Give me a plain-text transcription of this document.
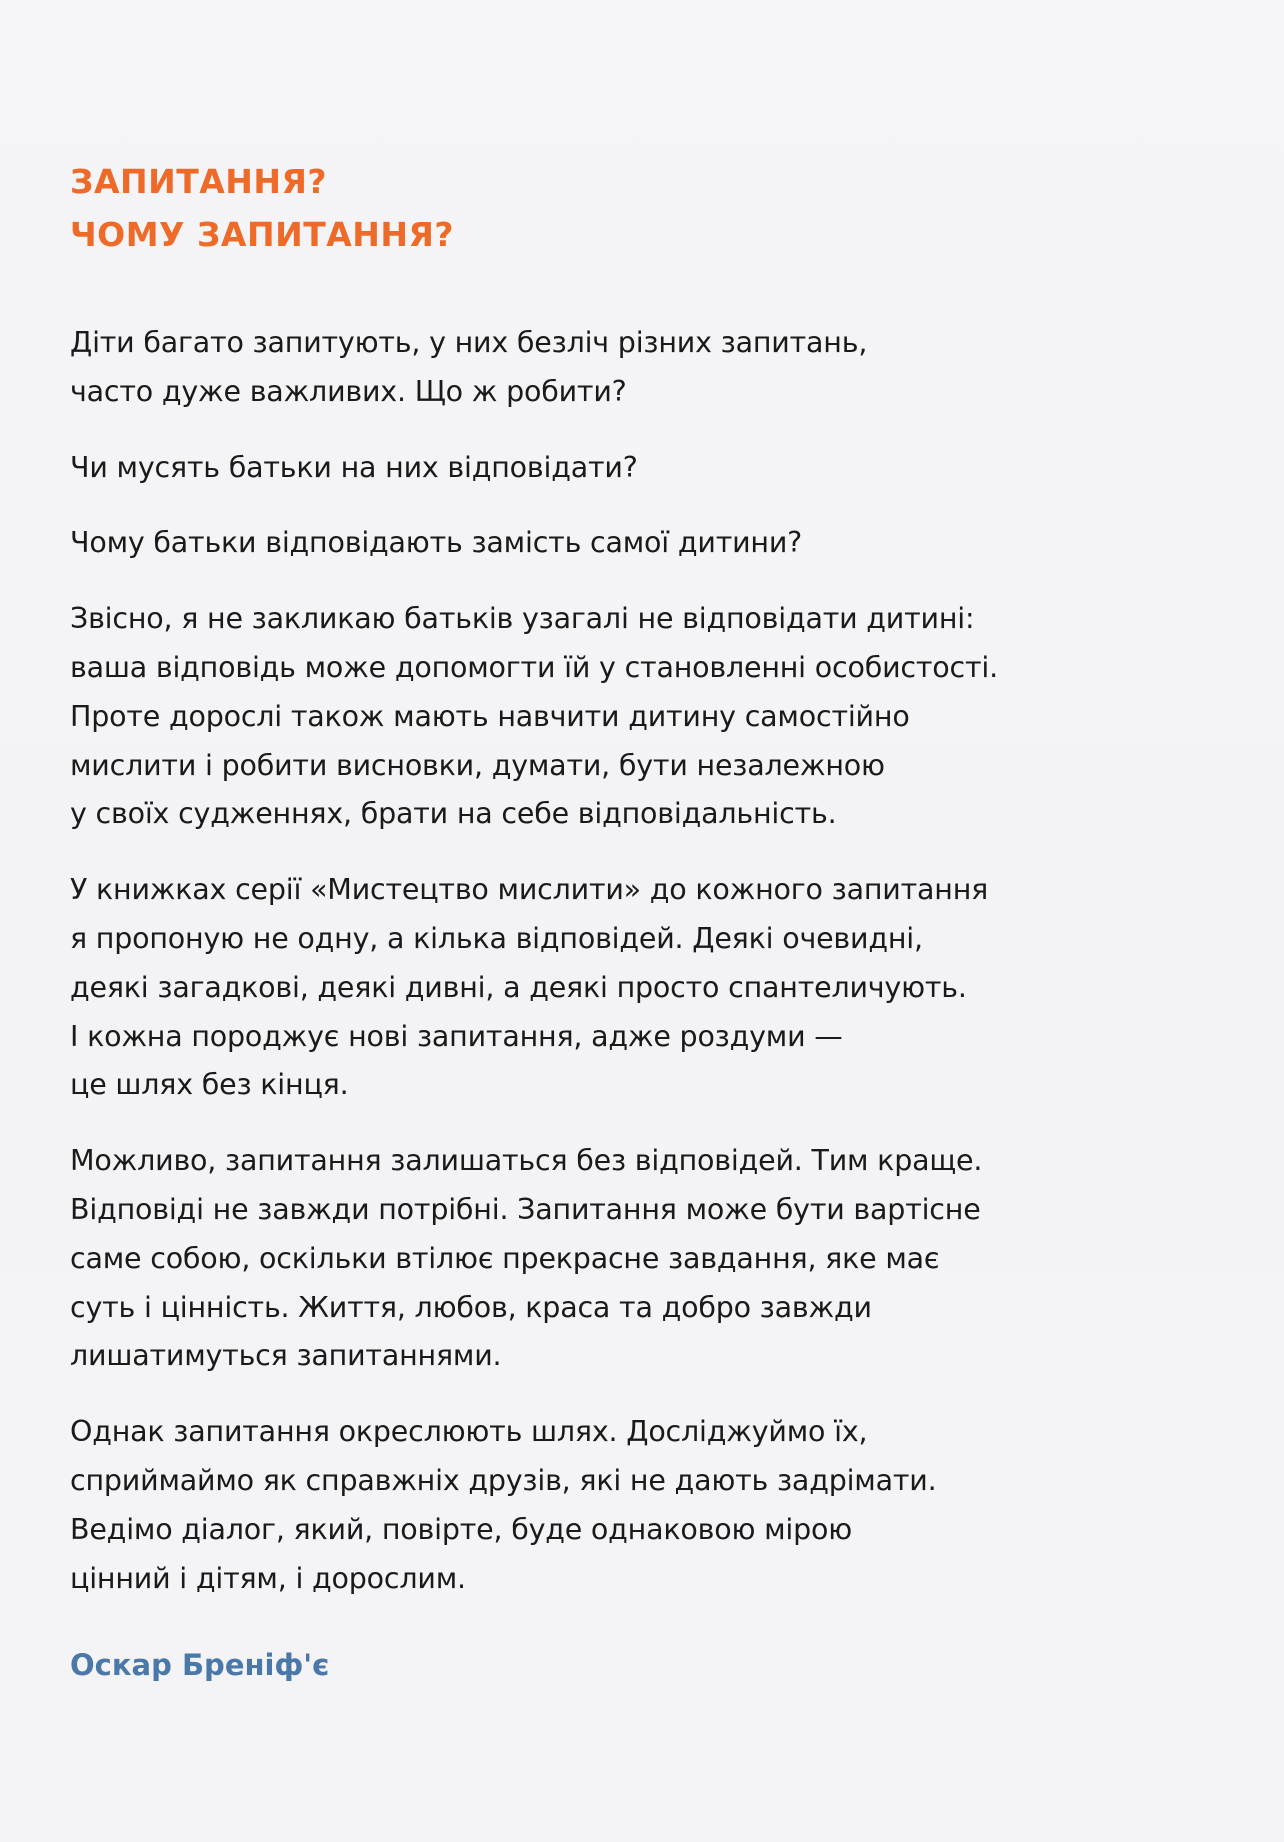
ЗАПИТАННЯ?
ЧОМУ ЗАПИТАННЯ?

Діти багато запитують, у них безліч різних запитань,
часто дуже важливих. Що ж робити?

Чи мусять батьки на них відповідати?

Чому батьки відповідають замість самої дитини?

Звісно, я не закликаю батьків узагалі не відповідати дитині:
ваша відповідь може допомогти їй у становленні особистості.
Проте дорослі також мають навчити дитину самостійно
мислити і робити висновки, думати, бути незалежною
у своїх судженнях, брати на себе відповідальність.

У книжках серії «Мистецтво мислити» до кожного запитання
я пропоную не одну, а кілька відповідей. Деякі очевидні,
деякі загадкові, деякі дивні, а деякі просто спантеличують.
І кожна породжує нові запитання, адже роздуми —
це шлях без кінця.

Можливо, запитання залишаться без відповідей. Тим краще.
Відповіді не завжди потрібні. Запитання може бути вартісне
саме собою, оскільки втілює прекрасне завдання, яке має
суть і цінність. Життя, любов, краса та добро завжди
лишатимуться запитаннями.

Однак запитання окреслюють шлях. Досліджуймо їх,
сприймаймо як справжніх друзів, які не дають задрімати.
Ведімо діалог, який, повірте, буде однаковою мірою
цінний і дітям, і дорослим.

Оскар Бреніф'є
